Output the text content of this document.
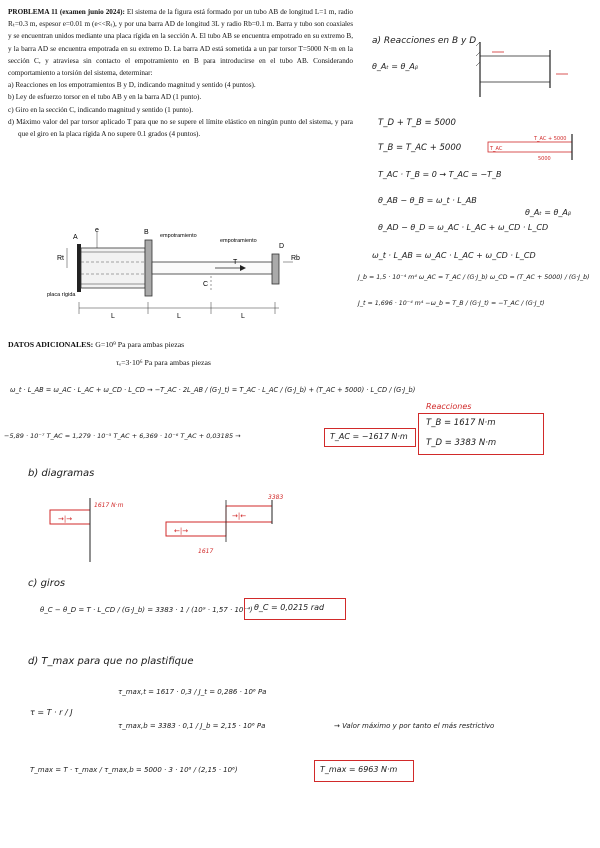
PROBLEMA 11 (examen junio 2024): El sistema de la figura está formado por un tubo AB de longitud L=1 m, radio Rₜ=0.3 m, espesor e=0.01 m (e<<Rₜ), y por una barra AD de longitud 3L y radio Rb=0.1 m. Barra y tubo son coaxiales y se encuentran unidos mediante una placa rígida en la sección A. El tubo AB se encuentra empotrado en su extremo B, y la barra AD se encuentra empotrada en su extremo D. La barra AD está sometida a un par torsor T=5000 N·m en la sección C, y atraviesa sin contacto el empotramiento en B para introducirse en el tubo AB. Considerando comportamiento a torsión del sistema, determinar:

a) Reacciones en los empotramientos B y D, indicando magnitud y sentido (4 puntos).

b) Ley de esfuerzo torsor en el tubo AB y en la barra AD (1 punto).

c) Giro en la sección C, indicando magnitud y sentido (1 punto).

d) Máximo valor del par torsor aplicado T para que no se supere el límite elástico en ningún punto del sistema, y para que el giro en la placa rígida A no supere 0.1 grados (4 puntos).

A
e	B empotramiento
empotramiento
D
Rt	Rb
T
C
placa rígida
L	L	L
DATOS ADICIONALES: G=10⁹ Pa para ambas piezas
τₑ=3·10⁶ Pa para ambas piezas
a) Reacciones en B y D
θ_Aₜ = θ_Aᵦ
T_D + T_B = 5000
T_B = T_AC + 5000
T_AC + 5000
T_AC
5000
T_AC · T_B = 0 → T_AC = −T_B
θ_AB − θ_B = ω_t · L_AB
θ_AD − θ_D = ω_AC · L_AC + ω_CD · L_CD
θ_Aₜ = θ_Aᵦ
ω_t · L_AB = ω_AC · L_AC + ω_CD · L_CD
J_b = 1,5 · 10⁻⁴ m⁴ ω_AC = T_AC / (G·J_b) ω_CD = (T_AC + 5000) / (G·J_b)
J_t = 1,696 · 10⁻⁴ m⁴ −ω_b = T_B / (G·J_t) = −T_AC / (G·J_t)
ω_t · L_AB = ω_AC · L_AC + ω_CD · L_CD → −T_AC · 2L_AB / (G·J_t) = T_AC · L_AC / (G·J_b) + (T_AC + 5000) · L_CD / (G·J_b)
Reacciones
T_B = 1617 N·m
T_D = 3383 N·m
−5,89 · 10⁻⁷ T_AC = 1,279 · 10⁻⁵ T_AC + 6,369 · 10⁻⁶ T_AC + 0,03185 →	T_AC = −1617 N·m
b) diagramas
→|→
←|→
→|←
1617 N·m
3383
1617
c) giros
θ_C − θ_D = T · L_CD / (G·J_b) = 3383 · 1 / (10⁹ · 1,57 · 10⁻⁴) θ_C = 0,0215 rad
d) T_max para que no plastifique
τ = T · r / J
τ_max,t = 1617 · 0,3 / J_t = 0,286 · 10⁶ Pa
τ_max,b = 3383 · 0,1 / J_b = 2,15 · 10⁶ Pa	→ Valor máximo y por tanto el más restrictivo
T_max = T · τ_max / τ_max,b = 5000 · 3 · 10⁶ / (2,15 · 10⁶)	T_max = 6963 N·m
